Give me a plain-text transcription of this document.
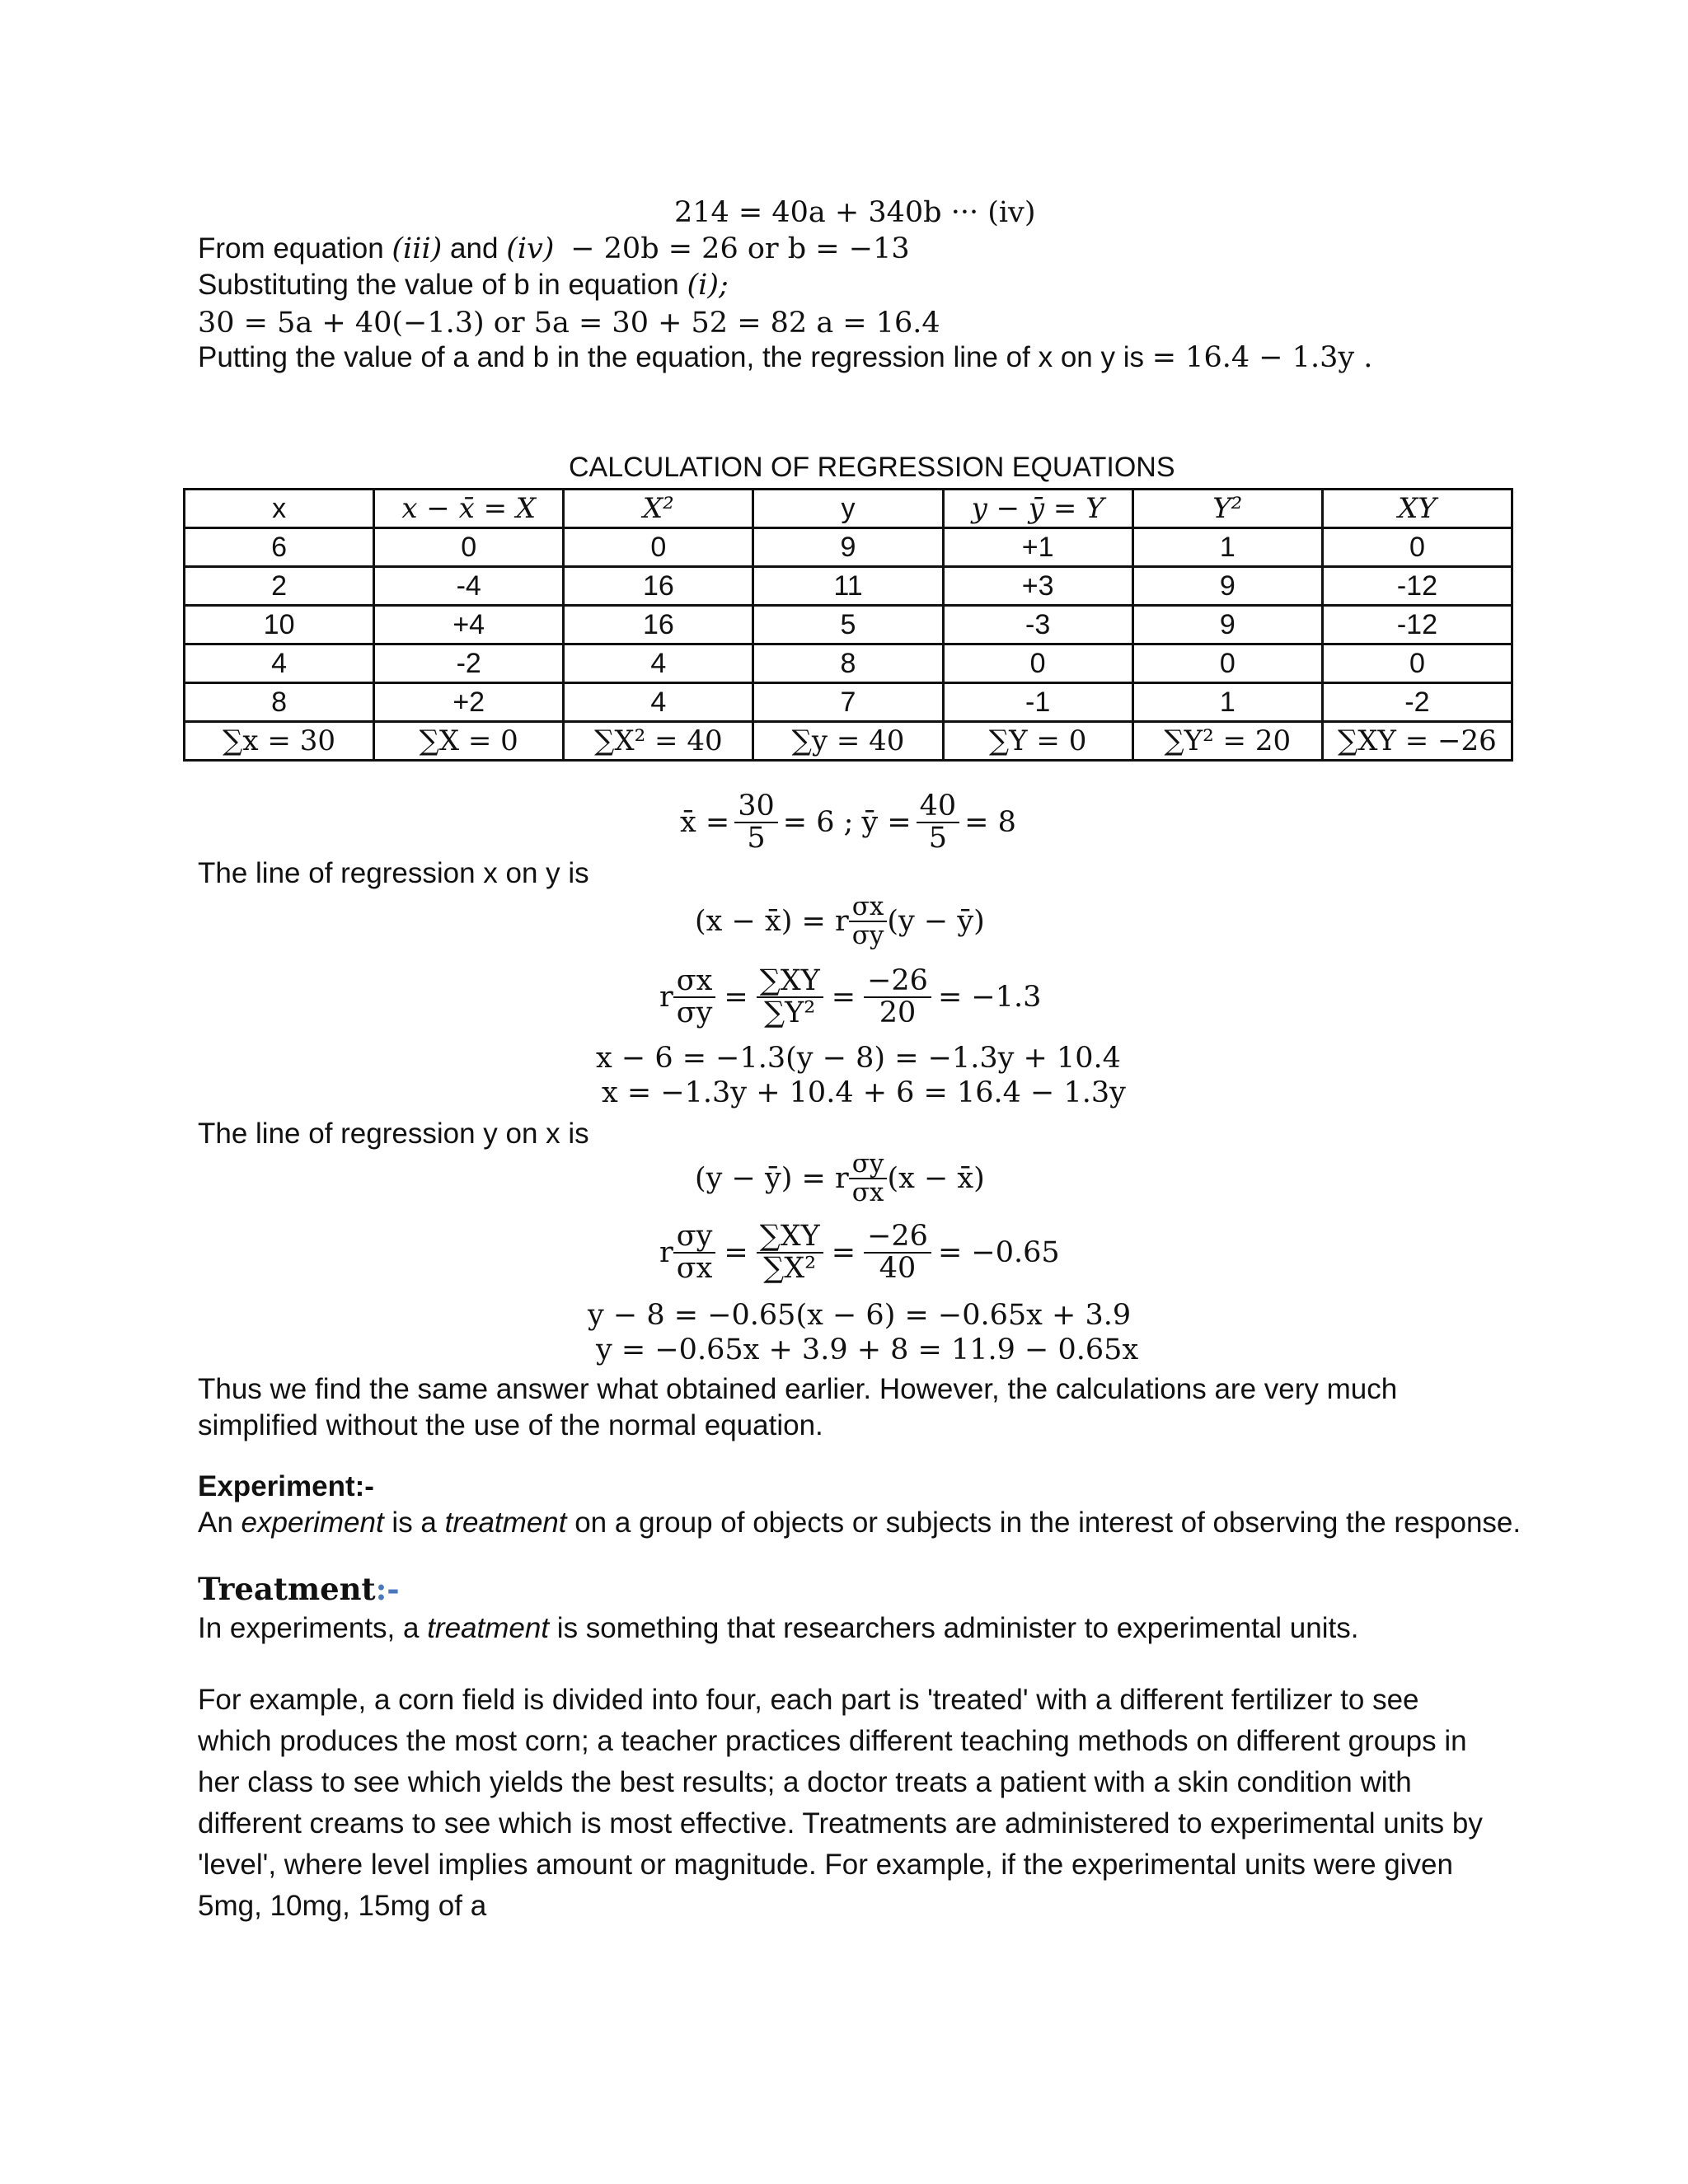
214 = 40a + 340b ··· (iv)
From equation (iii) and (iv) − 20b = 26 or b = −13
Substituting the value of b in equation (i);
30 = 5a + 40(−1.3) or 5a = 30 + 52 = 82 a = 16.4
Putting the value of a and b in the equation, the regression line of x on y is = 16.4 − 1.3y .
CALCULATION OF REGRESSION EQUATIONS
x	x − x̄ = X	X²	y	y − ȳ = Y	Y²	XY
6	0	0	9	+1	1	0
2	-4	16	11	+3	9	-12
10	+4	16	5	-3	9	-12
4	-2	4	8	0	0	0
8	+2	4	7	-1	1	-2
∑x = 30	∑X = 0	∑X² = 40	∑y = 40	∑Y = 0	∑Y² = 20	∑XY = −26
x̄ = $\frac{30}{5} = 6$ ; ȳ = $\frac{40}{5} = 8$
The line of regression x on y is
(x − x̄) = r $\frac{\sigma x}{\sigma y} (y$ − ȳ)
r $\frac{\sigma x}{\sigma y} = \frac{\sum XY}{\text{∑Y²}} = \frac{-26}{20} = -1.3$
x − 6 = −1.3(y − 8) = −1.3y + 10.4
x = −1.3y + 10.4 + 6 = 16.4 − 1.3y
The line of regression y on x is
(y − ȳ) = r $\frac{\sigma y}{\sigma x} (x$ − x̄)
r $\frac{\sigma y}{\sigma x} = \frac{\sum XY}{\text{∑X²}} = \frac{-26}{40} = -0.65$
y − 8 = −0.65(x − 6) = −0.65x + 3.9
y = −0.65x + 3.9 + 8 = 11.9 − 0.65x
Thus we find the same answer what obtained earlier. However, the calculations are very much simplified without the use of the normal equation.
Experiment:-
An experiment is a treatment on a group of objects or subjects in the interest of observing the response.
Treatment:-
In experiments, a treatment is something that researchers administer to experimental units.
For example, a corn field is divided into four, each part is 'treated' with a different fertilizer to see which produces the most corn; a teacher practices different teaching methods on different groups in her class to see which yields the best results; a doctor treats a patient with a skin condition with different creams to see which is most effective. Treatments are administered to experimental units by 'level', where level implies amount or magnitude. For example, if the experimental units were given 5mg, 10mg, 15mg of a
